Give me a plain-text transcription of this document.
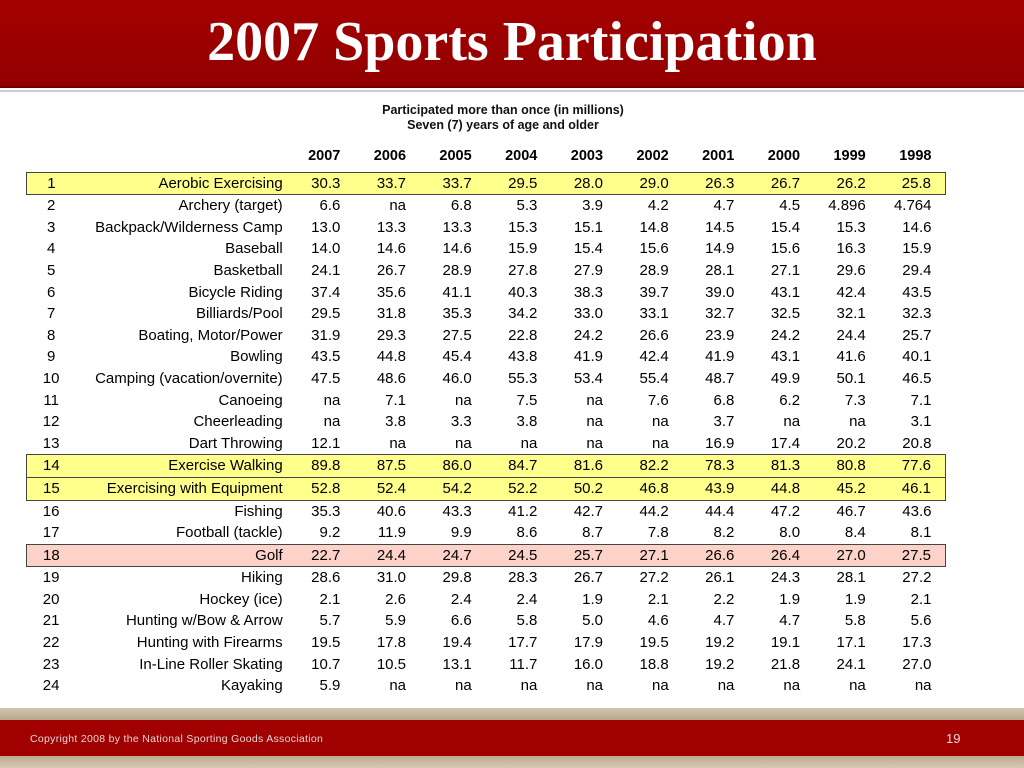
2007 Sports Participation
Participated more than once (in millions)
Seven (7) years of age and older
		2007	2006	2005	2004	2003	2002	2001	2000	1999	1998

1	Aerobic Exercising	30.3	33.7	33.7	29.5	28.0	29.0	26.3	26.7	26.2	25.8
2	Archery (target)	6.6	na	6.8	5.3	3.9	4.2	4.7	4.5	4.896	4.764
3	Backpack/Wilderness Camp	13.0	13.3	13.3	15.3	15.1	14.8	14.5	15.4	15.3	14.6
4	Baseball	14.0	14.6	14.6	15.9	15.4	15.6	14.9	15.6	16.3	15.9
5	Basketball	24.1	26.7	28.9	27.8	27.9	28.9	28.1	27.1	29.6	29.4
6	Bicycle Riding	37.4	35.6	41.1	40.3	38.3	39.7	39.0	43.1	42.4	43.5
7	Billiards/Pool	29.5	31.8	35.3	34.2	33.0	33.1	32.7	32.5	32.1	32.3
8	Boating, Motor/Power	31.9	29.3	27.5	22.8	24.2	26.6	23.9	24.2	24.4	25.7
9	Bowling	43.5	44.8	45.4	43.8	41.9	42.4	41.9	43.1	41.6	40.1
10	Camping (vacation/overnite)	47.5	48.6	46.0	55.3	53.4	55.4	48.7	49.9	50.1	46.5
11	Canoeing	na	7.1	na	7.5	na	7.6	6.8	6.2	7.3	7.1
12	Cheerleading	na	3.8	3.3	3.8	na	na	3.7	na	na	3.1
13	Dart Throwing	12.1	na	na	na	na	na	16.9	17.4	20.2	20.8
14	Exercise Walking	89.8	87.5	86.0	84.7	81.6	82.2	78.3	81.3	80.8	77.6
15	Exercising with Equipment	52.8	52.4	54.2	52.2	50.2	46.8	43.9	44.8	45.2	46.1
16	Fishing	35.3	40.6	43.3	41.2	42.7	44.2	44.4	47.2	46.7	43.6
17	Football (tackle)	9.2	11.9	9.9	8.6	8.7	7.8	8.2	8.0	8.4	8.1
18	Golf	22.7	24.4	24.7	24.5	25.7	27.1	26.6	26.4	27.0	27.5
19	Hiking	28.6	31.0	29.8	28.3	26.7	27.2	26.1	24.3	28.1	27.2
20	Hockey (ice)	2.1	2.6	2.4	2.4	1.9	2.1	2.2	1.9	1.9	2.1
21	Hunting w/Bow & Arrow	5.7	5.9	6.6	5.8	5.0	4.6	4.7	4.7	5.8	5.6
22	Hunting with Firearms	19.5	17.8	19.4	17.7	17.9	19.5	19.2	19.1	17.1	17.3
23	In-Line Roller Skating	10.7	10.5	13.1	11.7	16.0	18.8	19.2	21.8	24.1	27.0
24	Kayaking	5.9	na	na	na	na	na	na	na	na	na
Copyright 2008 by the National Sporting Goods Association	19
